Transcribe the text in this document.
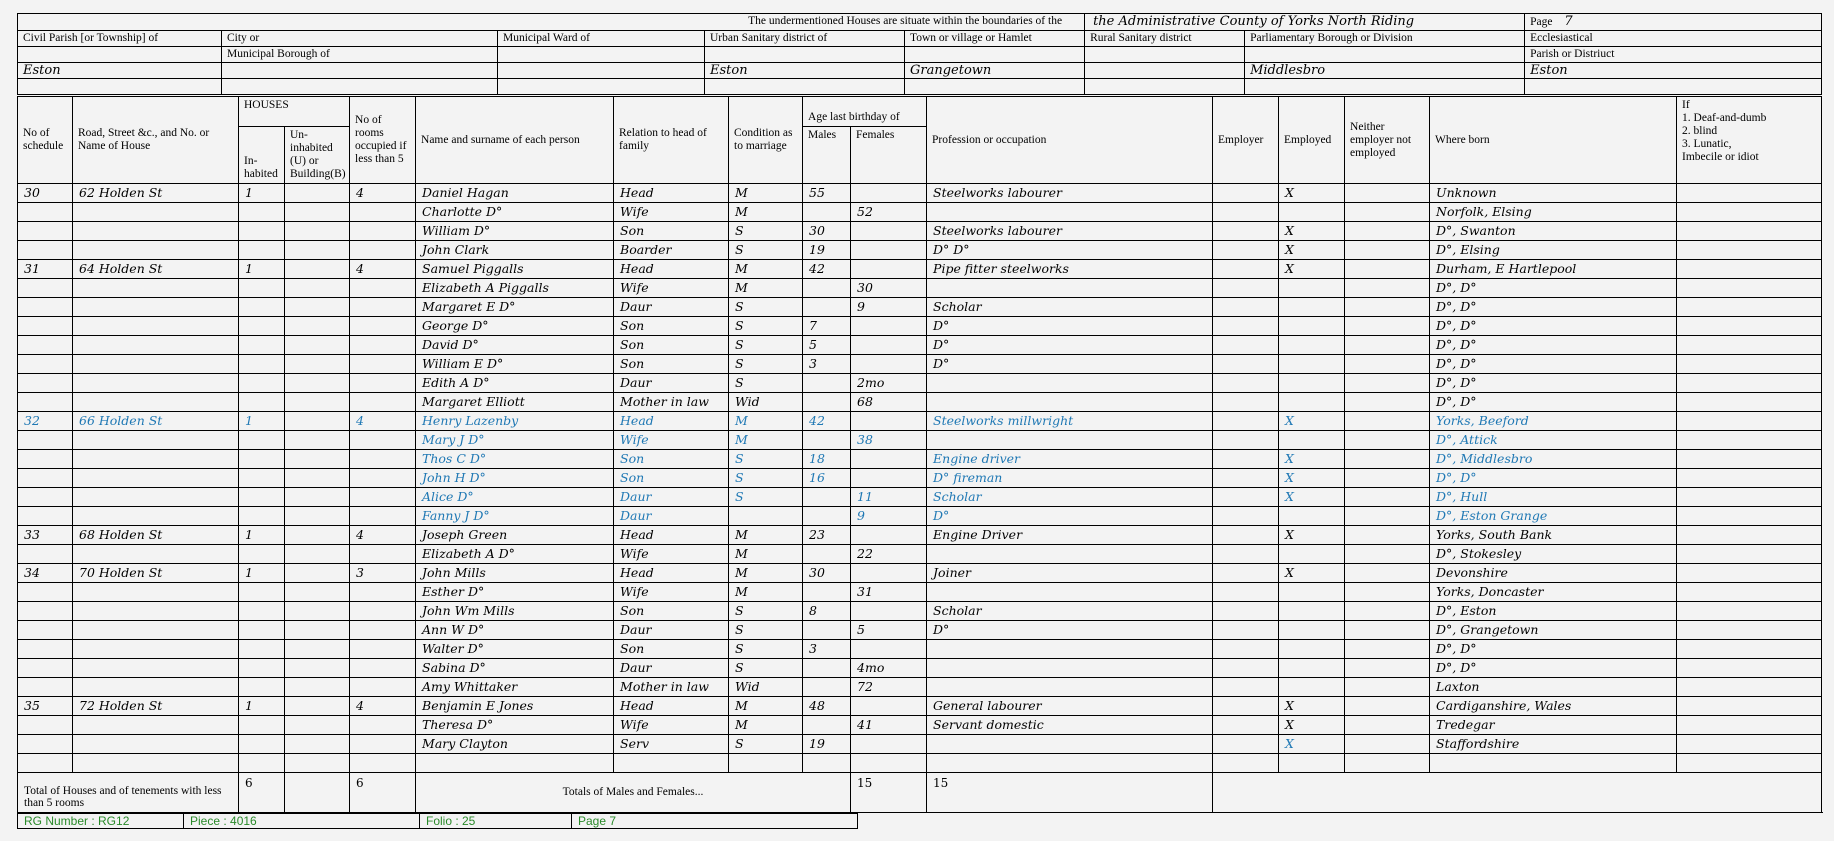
The undermentioned Houses are situate within the boundaries of the					the Administrative County of Yorks North Riding		Page 7
Civil Parish [or Township] of	City or	Municipal Ward of	Urban Sanitary district of	Town or village or Hamlet	Rural Sanitary district	Parliamentary Borough or Division	Ecclesiastical
	Municipal Borough of						Parish or Distriuct
Eston			Eston	Grangetown		Middlesbro	Eston

No of schedule	Road, Street &c., and No. or Name of House	HOUSES		No of rooms occupied if less than 5	Name and surname of each person	Relation to head of family	Condition as to marriage	Age last birthday of		Profession or occupation	Employer	Employed	Neither employer not employed	Where born	If
1. Deaf-and-dumb
2. blind
3. Lunatic,
Imbecile or idiot

		In-habited	Un-inhabited (U) or Building(B)					Males	Females						
30	62 Holden St	1		4	Daniel Hagan	Head	M	55		Steelworks labourer		X		Unknown	
					Charlotte D°	Wife	M		52					Norfolk, Elsing	
					William D°	Son	S	30		Steelworks labourer		X		D°, Swanton	
					John Clark	Boarder	S	19		D° D°		X		D°, Elsing	
31	64 Holden St	1		4	Samuel Piggalls	Head	M	42		Pipe fitter steelworks		X		Durham, E Hartlepool	
					Elizabeth A Piggalls	Wife	M		30					D°, D°	
					Margaret E D°	Daur	S		9	Scholar				D°, D°	
					George D°	Son	S	7		D°				D°, D°	
					David D°	Son	S	5		D°				D°, D°	
					William E D°	Son	S	3		D°				D°, D°	
					Edith A D°	Daur	S		2mo					D°, D°	
					Margaret Elliott	Mother in law	Wid		68					D°, D°	
32	66 Holden St	1		4	Henry Lazenby	Head	M	42		Steelworks millwright		X		Yorks, Beeford	
					Mary J D°	Wife	M		38					D°, Attick	
					Thos C D°	Son	S	18		Engine driver		X		D°, Middlesbro	
					John H D°	Son	S	16		D° fireman		X		D°, D°	
					Alice D°	Daur	S		11	Scholar		X		D°, Hull	
					Fanny J D°	Daur			9	D°				D°, Eston Grange	
33	68 Holden St	1		4	Joseph Green	Head	M	23		Engine Driver		X		Yorks, South Bank	
					Elizabeth A D°	Wife	M		22					D°, Stokesley	
34	70 Holden St	1		3	John Mills	Head	M	30		Joiner		X		Devonshire	
					Esther D°	Wife	M		31					Yorks, Doncaster	
					John Wm Mills	Son	S	8		Scholar				D°, Eston	
					Ann W D°	Daur	S		5	D°				D°, Grangetown	
					Walter D°	Son	S	3						D°, D°	
					Sabina D°	Daur	S		4mo					D°, D°	
					Amy Whittaker	Mother in law	Wid		72					Laxton	
35	72 Holden St	1		4	Benjamin E Jones	Head	M	48		General labourer		X		Cardiganshire, Wales	
					Theresa D°	Wife	M		41	Servant domestic		X		Tredegar	
					Mary Clayton	Serv	S	19				X		Staffordshire	

Total of Houses and of tenements with less than 5 rooms		6		6	Totals of Males and Females...				15	15					
RG Number : RG12	Piece : 4016	Folio : 25	Page 7
